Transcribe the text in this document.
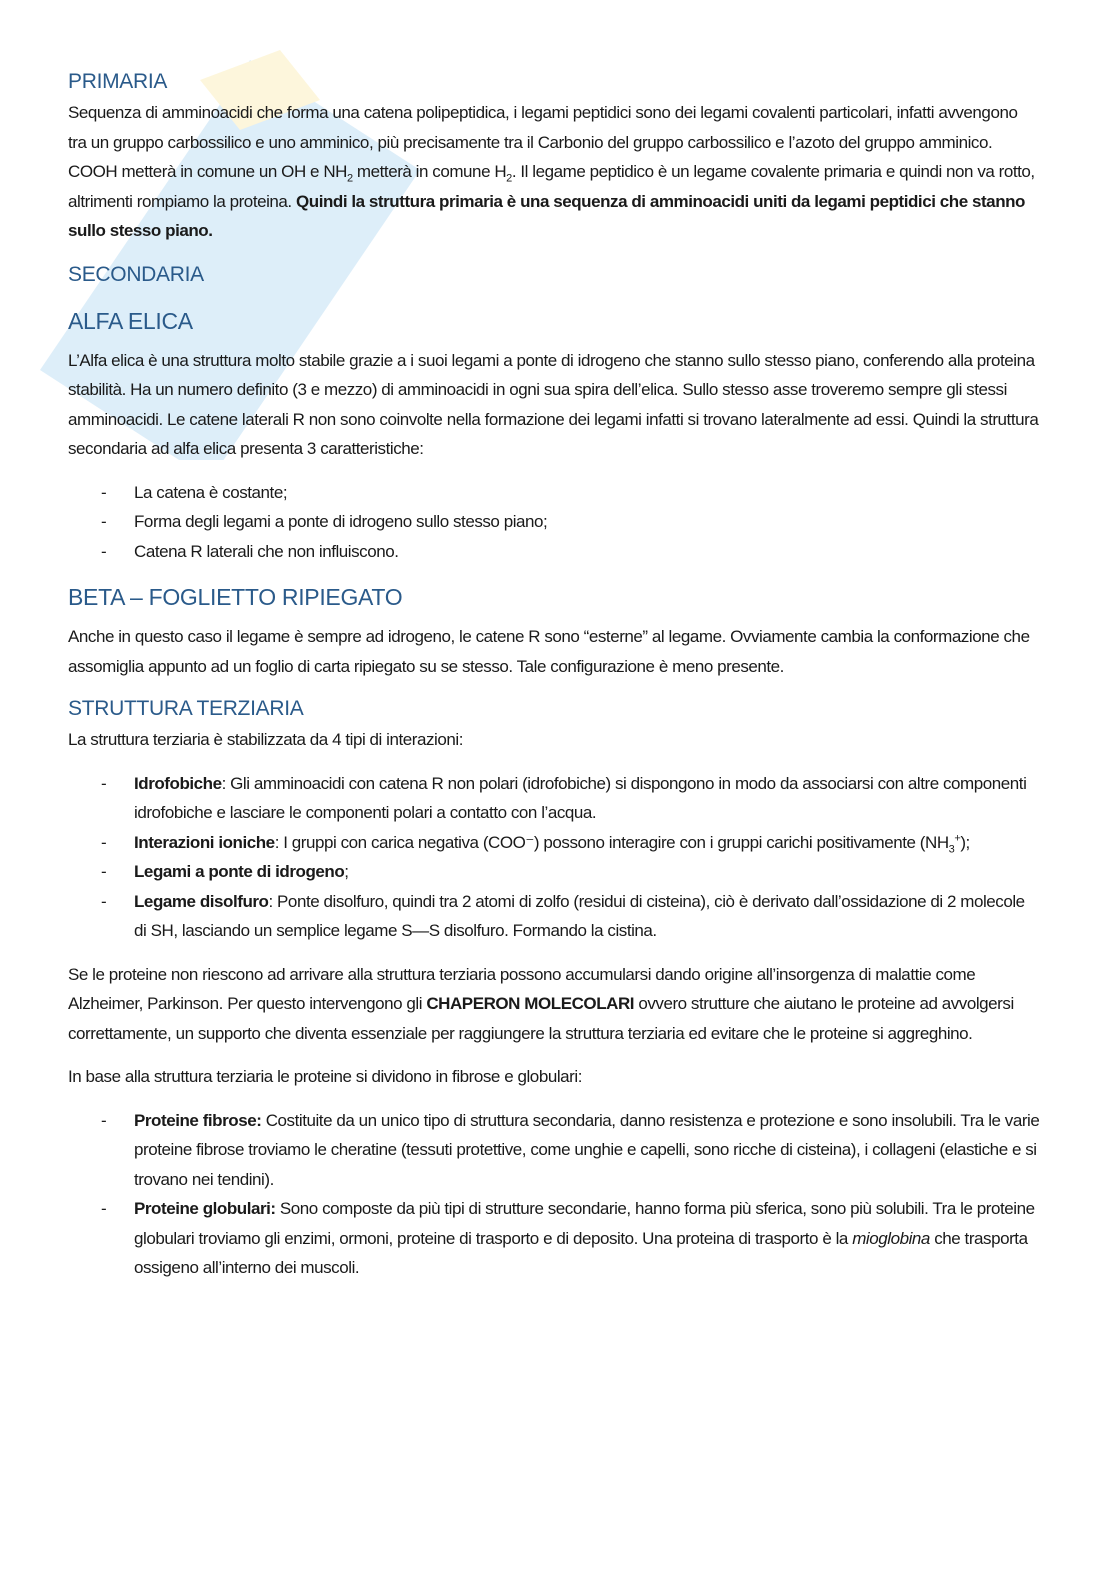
PRIMARIA

Sequenza di amminoacidi che forma una catena polipeptidica, i legami peptidici sono dei legami covalenti particolari, infatti avvengono tra un gruppo carbossilico e uno amminico, più precisamente tra il Carbonio del gruppo carbossilico e l’azoto del gruppo amminico. COOH metterà in comune un OH e $NH_2$ metterà in comune $H_2$. Il legame peptidico è un legame covalente primaria e quindi non va rotto, altrimenti rompiamo la proteina. Quindi la struttura primaria è una sequenza di amminoacidi uniti da legami peptidici che stanno sullo stesso piano.

SECONDARIA
ALFA ELICA

L’Alfa elica è una struttura molto stabile grazie a i suoi legami a ponte di idrogeno che stanno sullo stesso piano, conferendo alla proteina stabilità. Ha un numero definito (3 e mezzo) di amminoacidi in ogni sua spira dell’elica. Sullo stesso asse troveremo sempre gli stessi amminoacidi. Le catene laterali R non sono coinvolte nella formazione dei legami infatti si trovano lateralmente ad essi. Quindi la struttura secondaria ad alfa elica presenta 3 caratteristiche:

- La catena è costante;
- Forma degli legami a ponte di idrogeno sullo stesso piano;
- Catena R laterali che non influiscono.
BETA – FOGLIETTO RIPIEGATO

Anche in questo caso il legame è sempre ad idrogeno, le catene R sono “esterne” al legame. Ovviamente cambia la conformazione che assomiglia appunto ad un foglio di carta ripiegato su se stesso. Tale configurazione è meno presente.

STRUTTURA TERZIARIA

La struttura terziaria è stabilizzata da 4 tipi di interazioni:

- Idrofobiche: Gli amminoacidi con catena R non polari (idrofobiche) si dispongono in modo da associarsi con altre componenti idrofobiche e lasciare le componenti polari a contatto con l’acqua.
- Interazioni ioniche: I gruppi con carica negativa (COO⁻) possono interagire con i gruppi carichi positivamente $(NH_3^+)$;
- Legami a ponte di idrogeno;
- Legame disolfuro: Ponte disolfuro, quindi tra 2 atomi di zolfo (residui di cisteina), ciò è derivato dall’ossidazione di 2 molecole di SH, lasciando un semplice legame S—S disolfuro. Formando la cistina.

Se le proteine non riescono ad arrivare alla struttura terziaria possono accumularsi dando origine all’insorgenza di malattie come Alzheimer, Parkinson. Per questo intervengono gli CHAPERON MOLECOLARI ovvero strutture che aiutano le proteine ad avvolgersi correttamente, un supporto che diventa essenziale per raggiungere la struttura terziaria ed evitare che le proteine si aggreghino.

In base alla struttura terziaria le proteine si dividono in fibrose e globulari:

- Proteine fibrose: Costituite da un unico tipo di struttura secondaria, danno resistenza e protezione e sono insolubili. Tra le varie proteine fibrose troviamo le cheratine (tessuti protettive, come unghie e capelli, sono ricche di cisteina), i collageni (elastiche e si trovano nei tendini).
- Proteine globulari: Sono composte da più tipi di strutture secondarie, hanno forma più sferica, sono più solubili. Tra le proteine globulari troviamo gli enzimi, ormoni, proteine di trasporto e di deposito. Una proteina di trasporto è la mioglobina che trasporta ossigeno all’interno dei muscoli.
